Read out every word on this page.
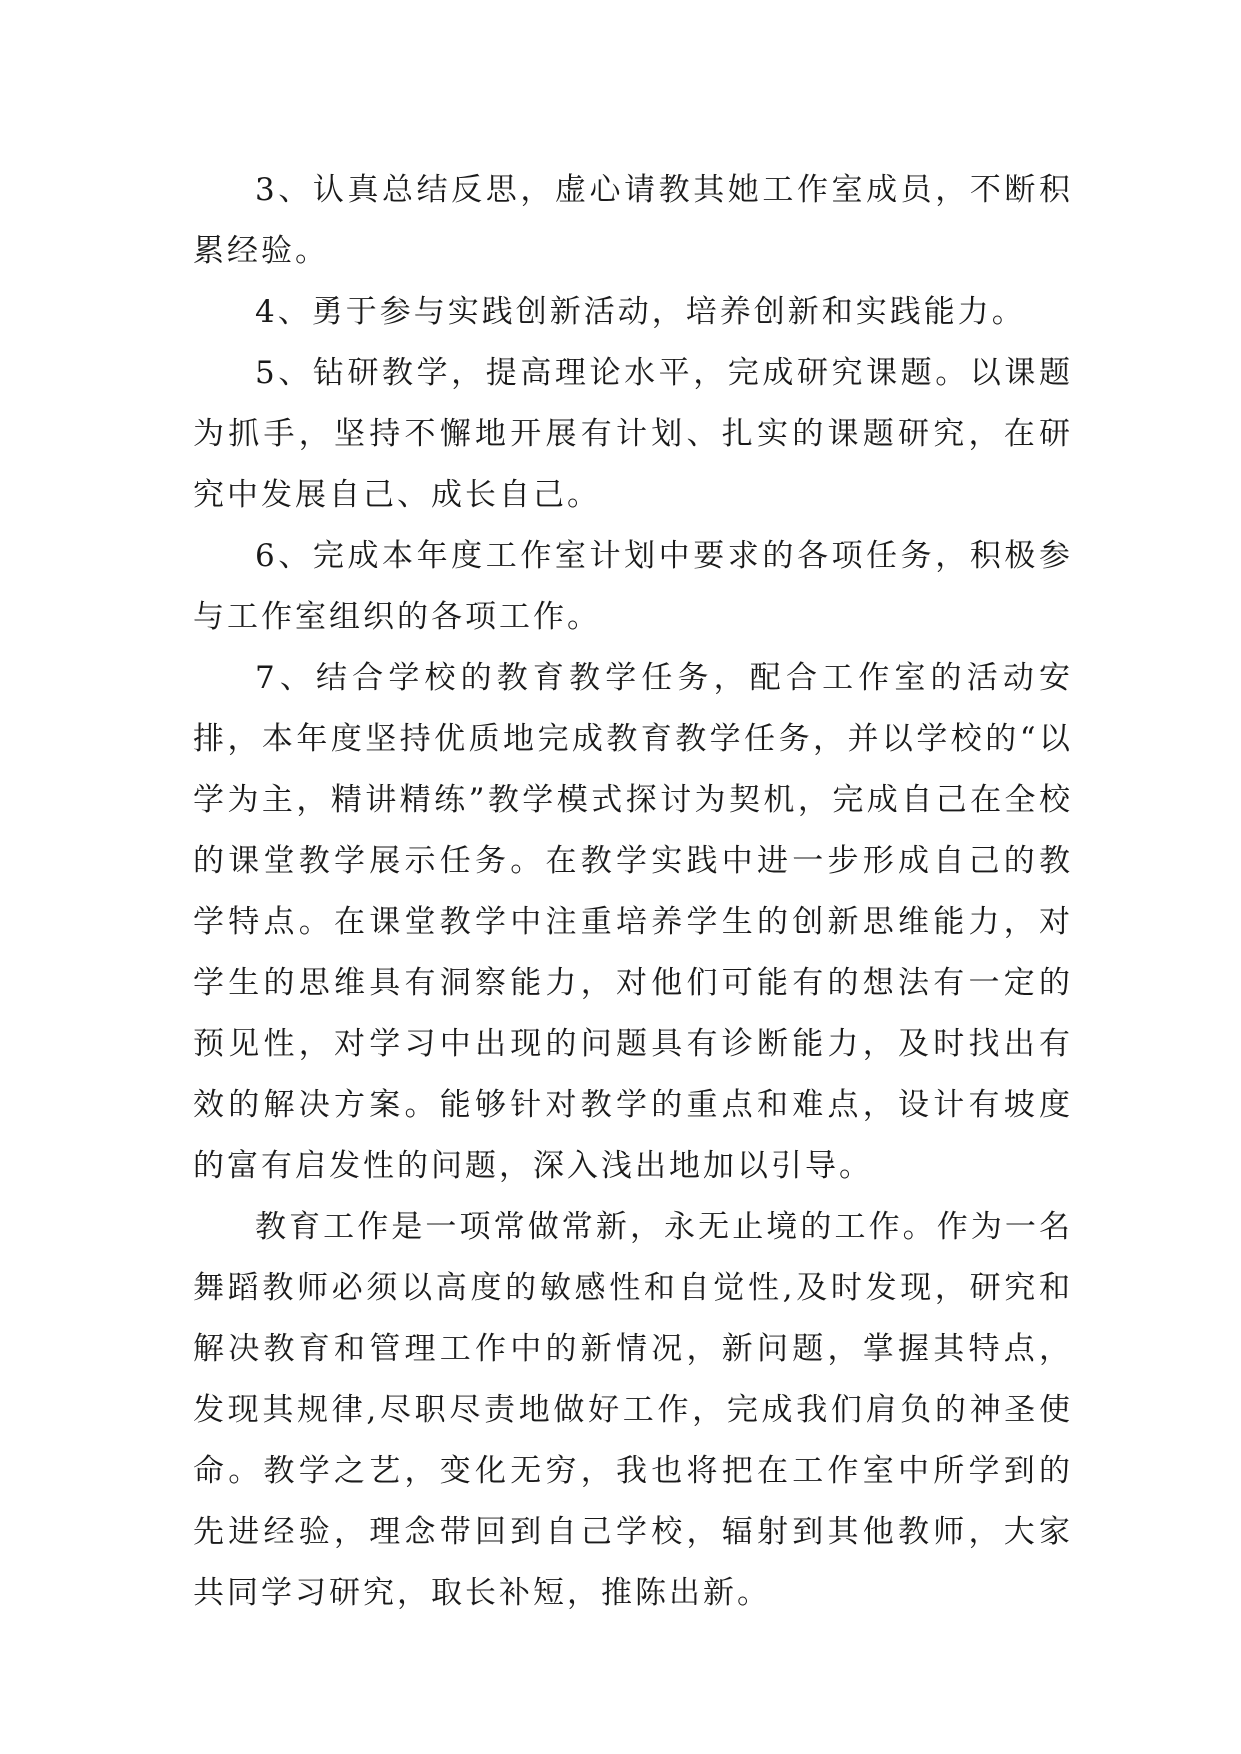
3、认真总结反思，虚心请教其她工作室成员，不断积累经验。

4、勇于参与实践创新活动，培养创新和实践能力。

5、钻研教学，提高理论水平，完成研究课题。以课题为抓手，坚持不懈地开展有计划、扎实的课题研究，在研究中发展自己、成长自己。

6、完成本年度工作室计划中要求的各项任务，积极参与工作室组织的各项工作。

7、结合学校的教育教学任务，配合工作室的活动安排，本年度坚持优质地完成教育教学任务，并以学校的“以学为主，精讲精练”教学模式探讨为契机，完成自己在全校的课堂教学展示任务。在教学实践中进一步形成自己的教学特点。在课堂教学中注重培养学生的创新思维能力，对学生的思维具有洞察能力，对他们可能有的想法有一定的预见性，对学习中出现的问题具有诊断能力，及时找出有效的解决方案。能够针对教学的重点和难点，设计有坡度的富有启发性的问题，深入浅出地加以引导。

教育工作是一项常做常新，永无止境的工作。作为一名舞蹈教师必须以高度的敏感性和自觉性,及时发现，研究和解决教育和管理工作中的新情况，新问题，掌握其特点，发现其规律,尽职尽责地做好工作，完成我们肩负的神圣使命。教学之艺，变化无穷，我也将把在工作室中所学到的先进经验，理念带回到自己学校，辐射到其他教师，大家共同学习研究，取长补短，推陈出新。
